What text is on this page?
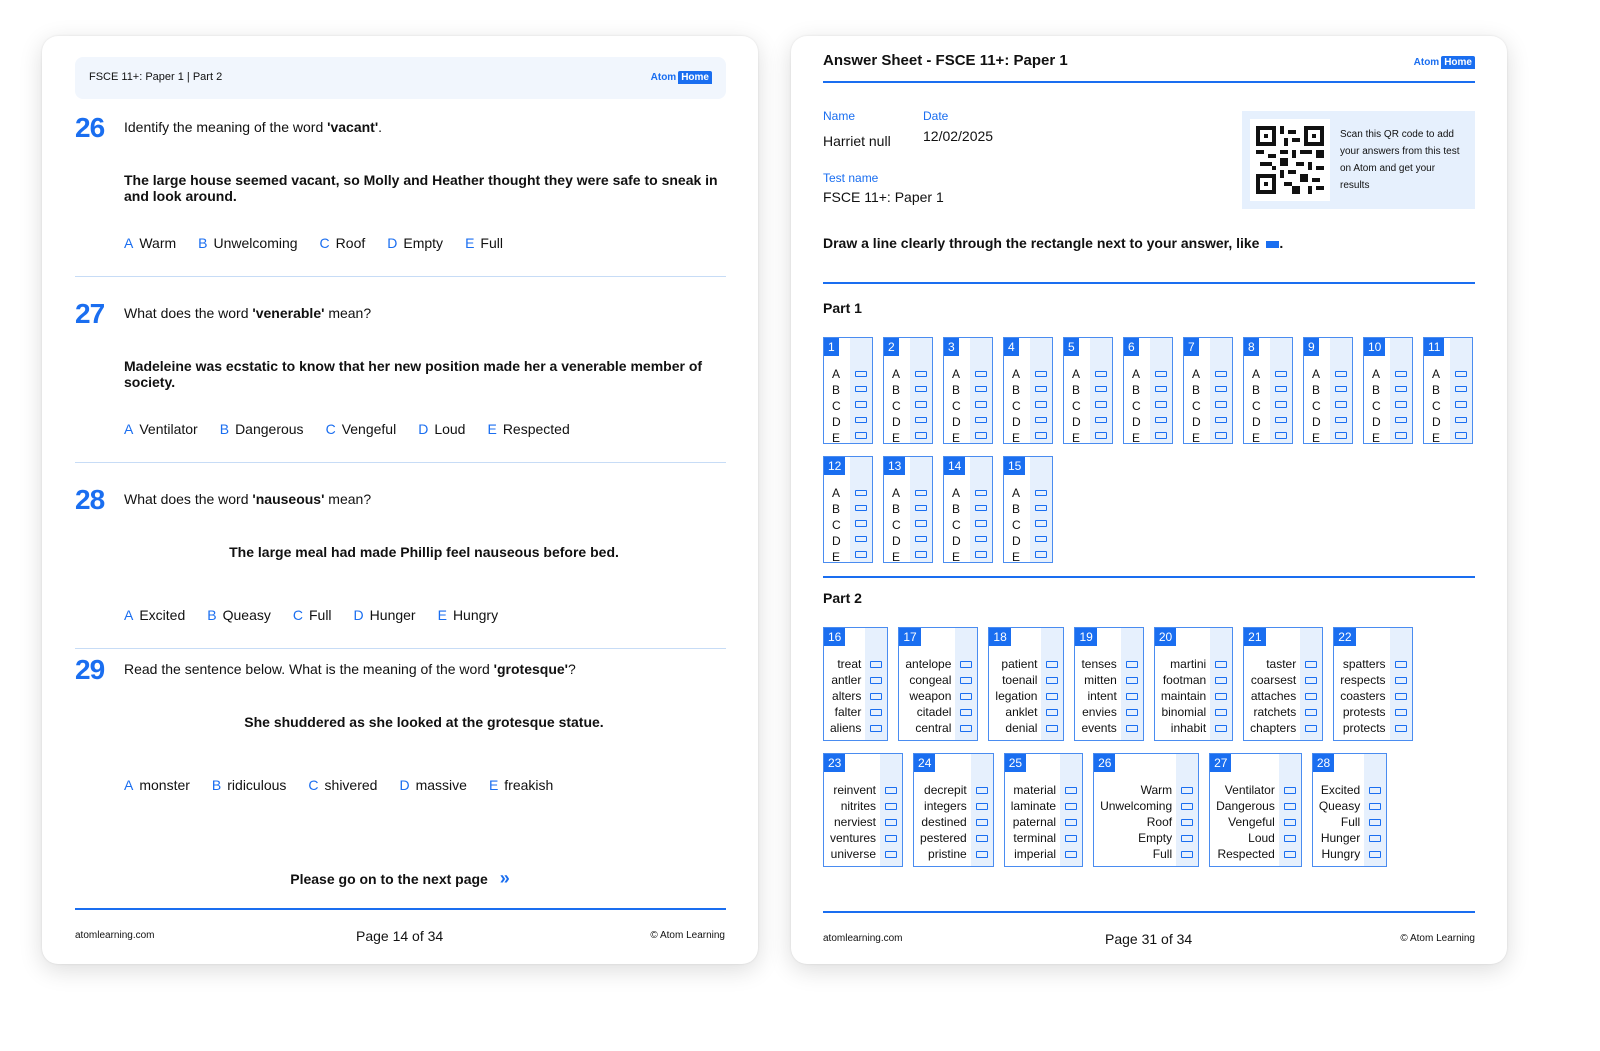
FSCE 11+: Paper 1 | Part 2	Atom Home
26 Identify the meaning of the word 'vacant'.
The large house seemed vacant, so Molly and Heather thought they were safe to sneak in and look around.
A Warm B Unwelcoming C Roof D Empty E Full
27 What does the word 'venerable' mean?
Madeleine was ecstatic to know that her new position made her a venerable member of society.
A Ventilator B Dangerous C Vengeful D Loud E Respected
28 What does the word 'nauseous' mean?
The large meal had made Phillip feel nauseous before bed.
A Excited B Queasy C Full D Hunger E Hungry
29 Read the sentence below. What is the meaning of the word 'grotesque'?
She shuddered as she looked at the grotesque statue.
A monster B ridiculous C shivered D massive E freakish
Please go on to the next page »
atomlearning.com	Page 14 of 34	© Atom Learning
Answer Sheet - FSCE 11+: Paper 1	Atom Home
Name
Harriet null
Date
12/02/2025
Test name
FSCE 11+: Paper 1
Scan this QR code to add your answers from this test on Atom and get your results
Draw a line clearly through the rectangle next to your answer, like .
Part 1
1
A
B
C
D
E
2
A
B
C
D
E
3
A
B
C
D
E
4
A
B
C
D
E
5
A
B
C
D
E
6
A
B
C
D
E
7
A
B
C
D
E
8
A
B
C
D
E
9
A
B
C
D
E
10
A
B
C
D
E
11
A
B
C
D
E
12
A
B
C
D
E
13
A
B
C
D
E
14
A
B
C
D
E
15
A
B
C
D
E
Part 2
16
treat
antler
alters
falter
aliens
17
antelope
congeal
weapon
citadel
central
18
patient
toenail
legation
anklet
denial
19
tenses
mitten
intent
envies
events
20
martini
footman
maintain
binomial
inhabit
21
taster
coarsest
attaches
ratchets
chapters
22
spatters
respects
coasters
protests
protects
23
reinvent
nitrites
nerviest
ventures
universe
24
decrepit
integers
destined
pestered
pristine
25
material
laminate
paternal
terminal
imperial
26
Warm
Unwelcoming
Roof
Empty
Full
27
Ventilator
Dangerous
Vengeful
Loud
Respected
28
Excited
Queasy
Full
Hunger
Hungry
atomlearning.com	Page 31 of 34	© Atom Learning
